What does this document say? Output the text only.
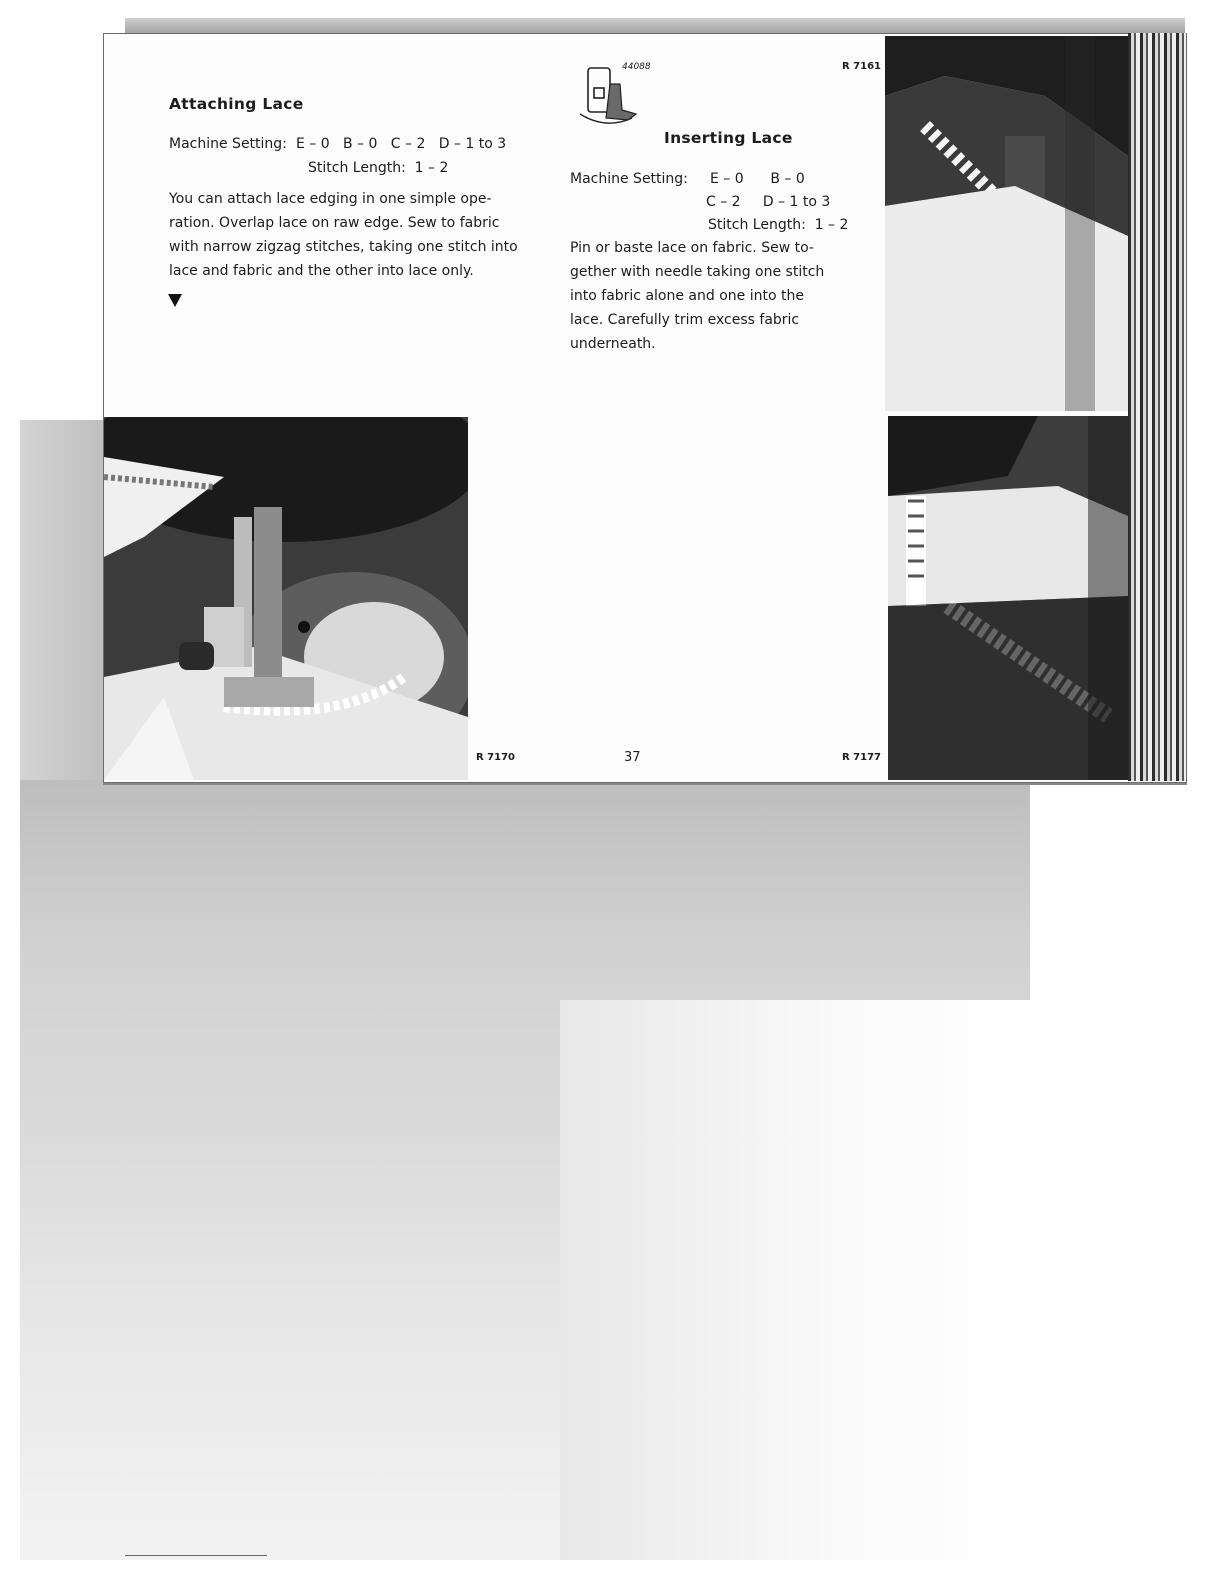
Attaching Lace
Machine Setting: E – 0   B – 0   C – 2   D – 1 to 3
Stitch Length:  1 – 2
You can attach lace edging in one simple ope-
ration. Overlap lace on raw edge. Sew to fabric
with narrow zigzag stitches, taking one stitch into
lace and fabric and the other into lace only.
R 7170	37	R 7177
R 7161
44088
Inserting Lace
Machine Setting: E – 0      B – 0
C – 2     D – 1 to 3
Stitch Length:  1 – 2
Pin or baste lace on fabric. Sew to-
gether with needle taking one stitch
into fabric alone and one into the
lace. Carefully trim excess fabric
underneath.
